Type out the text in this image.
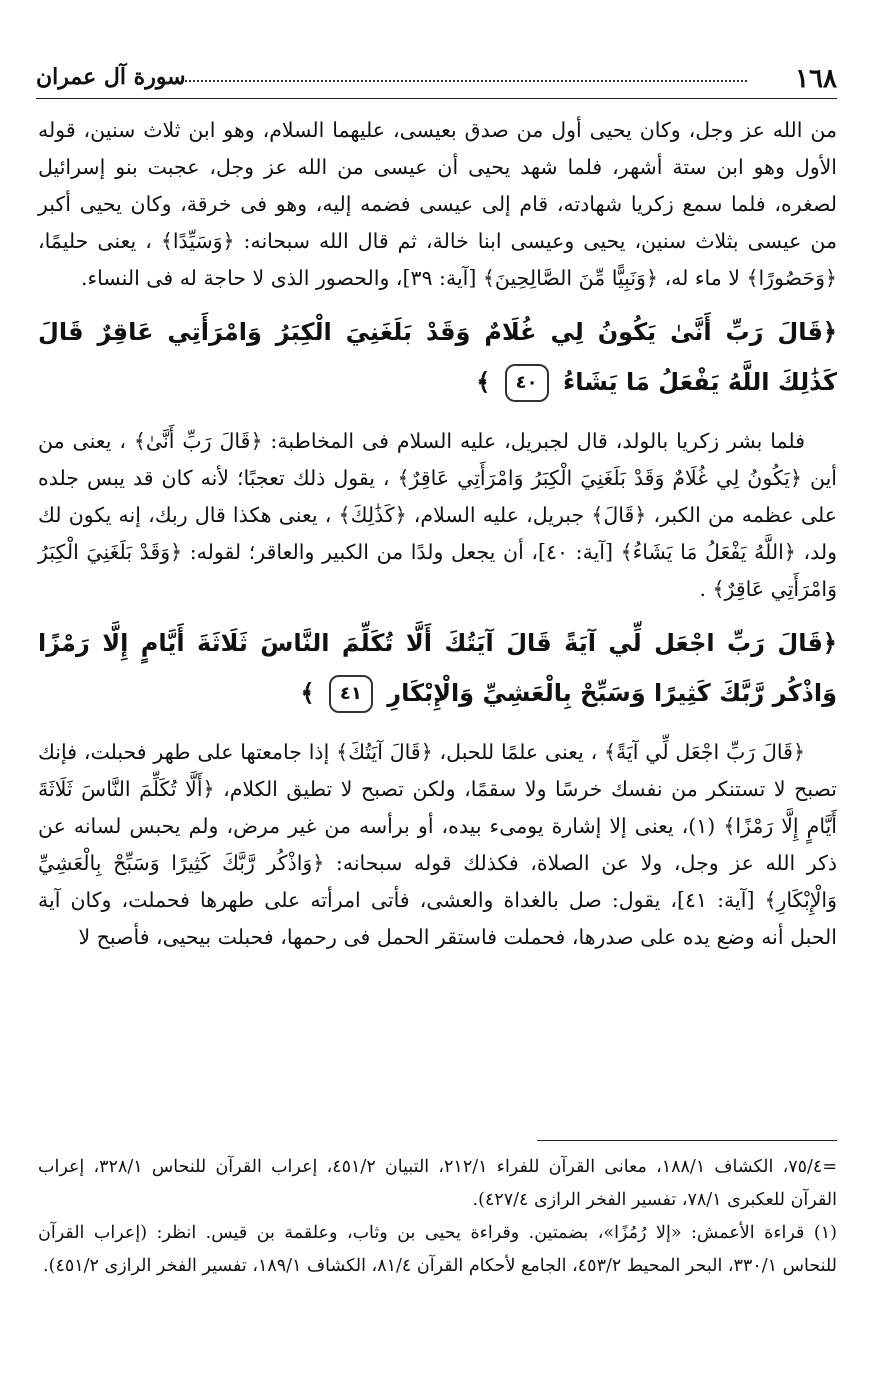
١٦٨
سورة آل عمران

من الله عز وجل، وكان يحيى أول من صدق بعيسى، عليهما السلام، وهو ابن ثلاث سنين، قوله الأول وهو ابن ستة أشهر، فلما شهد يحيى أن عيسى من الله عز وجل، عجبت بنو إسرائيل لصغره، فلما سمع زكريا شهادته، قام إلى عيسى فضمه إليه، وهو فى خرقة، وكان يحيى أكبر من عيسى بثلاث سنين، يحيى وعيسى ابنا خالة، ثم قال الله سبحانه: ﴿وَسَيِّدًا﴾ ، يعنى حليمًا، ﴿وَحَصُورًا﴾ لا ماء له، ﴿وَنَبِيًّا مِّنَ الصَّالِحِينَ﴾ [آية: ٣٩]، والحصور الذى لا حاجة له فى النساء.

﴿قَالَ رَبِّ أَنَّىٰ يَكُونُ لِي غُلَامٌ وَقَدْ بَلَغَنِيَ الْكِبَرُ وَامْرَأَتِي عَاقِرٌ قَالَ كَذَٰلِكَ اللَّهُ يَفْعَلُ مَا يَشَاءُ ٤٠ ﴾

فلما بشر زكريا بالولد، قال لجبريل، عليه السلام فى المخاطبة: ﴿قَالَ رَبِّ أَنَّىٰ﴾ ، يعنى من أين ﴿يَكُونُ لِي غُلَامٌ وَقَدْ بَلَغَنِيَ الْكِبَرُ وَامْرَأَتِي عَاقِرٌ﴾ ، يقول ذلك تعجبًا؛ لأنه كان قد يبس جلده على عظمه من الكبر، ﴿قَالَ﴾ جبريل، عليه السلام، ﴿كَذَٰلِكَ﴾ ، يعنى هكذا قال ربك، إنه يكون لك ولد، ﴿اللَّهُ يَفْعَلُ مَا يَشَاءُ﴾ [آية: ٤٠]، أن يجعل ولدًا من الكبير والعاقر؛ لقوله: ﴿وَقَدْ بَلَغَنِيَ الْكِبَرُ وَامْرَأَتِي عَاقِرٌ﴾ .

﴿قَالَ رَبِّ اجْعَل لِّي آيَةً قَالَ آيَتُكَ أَلَّا تُكَلِّمَ النَّاسَ ثَلَاثَةَ أَيَّامٍ إِلَّا رَمْزًا وَاذْكُر رَّبَّكَ كَثِيرًا وَسَبِّحْ بِالْعَشِيِّ وَالْإِبْكَارِ ٤١ ﴾

﴿قَالَ رَبِّ اجْعَل لِّي آيَةً﴾ ، يعنى علمًا للحبل، ﴿قَالَ آيَتُكَ﴾ إذا جامعتها على طهر فحبلت، فإنك تصبح لا تستنكر من نفسك خرسًا ولا سقمًا، ولكن تصبح لا تطيق الكلام، ﴿أَلَّا تُكَلِّمَ النَّاسَ ثَلَاثَةَ أَيَّامٍ إِلَّا رَمْزًا﴾ (١)، يعنى إلا إشارة يومىء بيده، أو برأسه من غير مرض، ولم يحبس لسانه عن ذكر الله عز وجل، ولا عن الصلاة، فكذلك قوله سبحانه: ﴿وَاذْكُر رَّبَّكَ كَثِيرًا وَسَبِّحْ بِالْعَشِيِّ وَالْإِبْكَارِ﴾ [آية: ٤١]، يقول: صل بالغداة والعشى، فأتى امرأته على طهرها فحملت، وكان آية الحبل أنه وضع يده على صدرها، فحملت فاستقر الحمل فى رحمها، فحبلت بيحيى، فأصبح لا

=٧٥/٤، الكشاف ١٨٨/١، معانى القرآن للفراء ٢١٢/١، التبيان ٤٥١/٢، إعراب القرآن للنحاس ٣٢٨/١، إعراب القرآن للعكبرى ٧٨/١، تفسير الفخر الرازى ٤٢٧/٤).

(١) قراءة الأعمش: «إلا رُمُزًا»، بضمتين. وقراءة يحيى بن وثاب، وعلقمة بن قيس. انظر: (إعراب القرآن للنحاس ٣٣٠/١، البحر المحيط ٤٥٣/٢، الجامع لأحكام القرآن ٨١/٤، الكشاف ١٨٩/١، تفسير الفخر الرازى ٤٥١/٢).
